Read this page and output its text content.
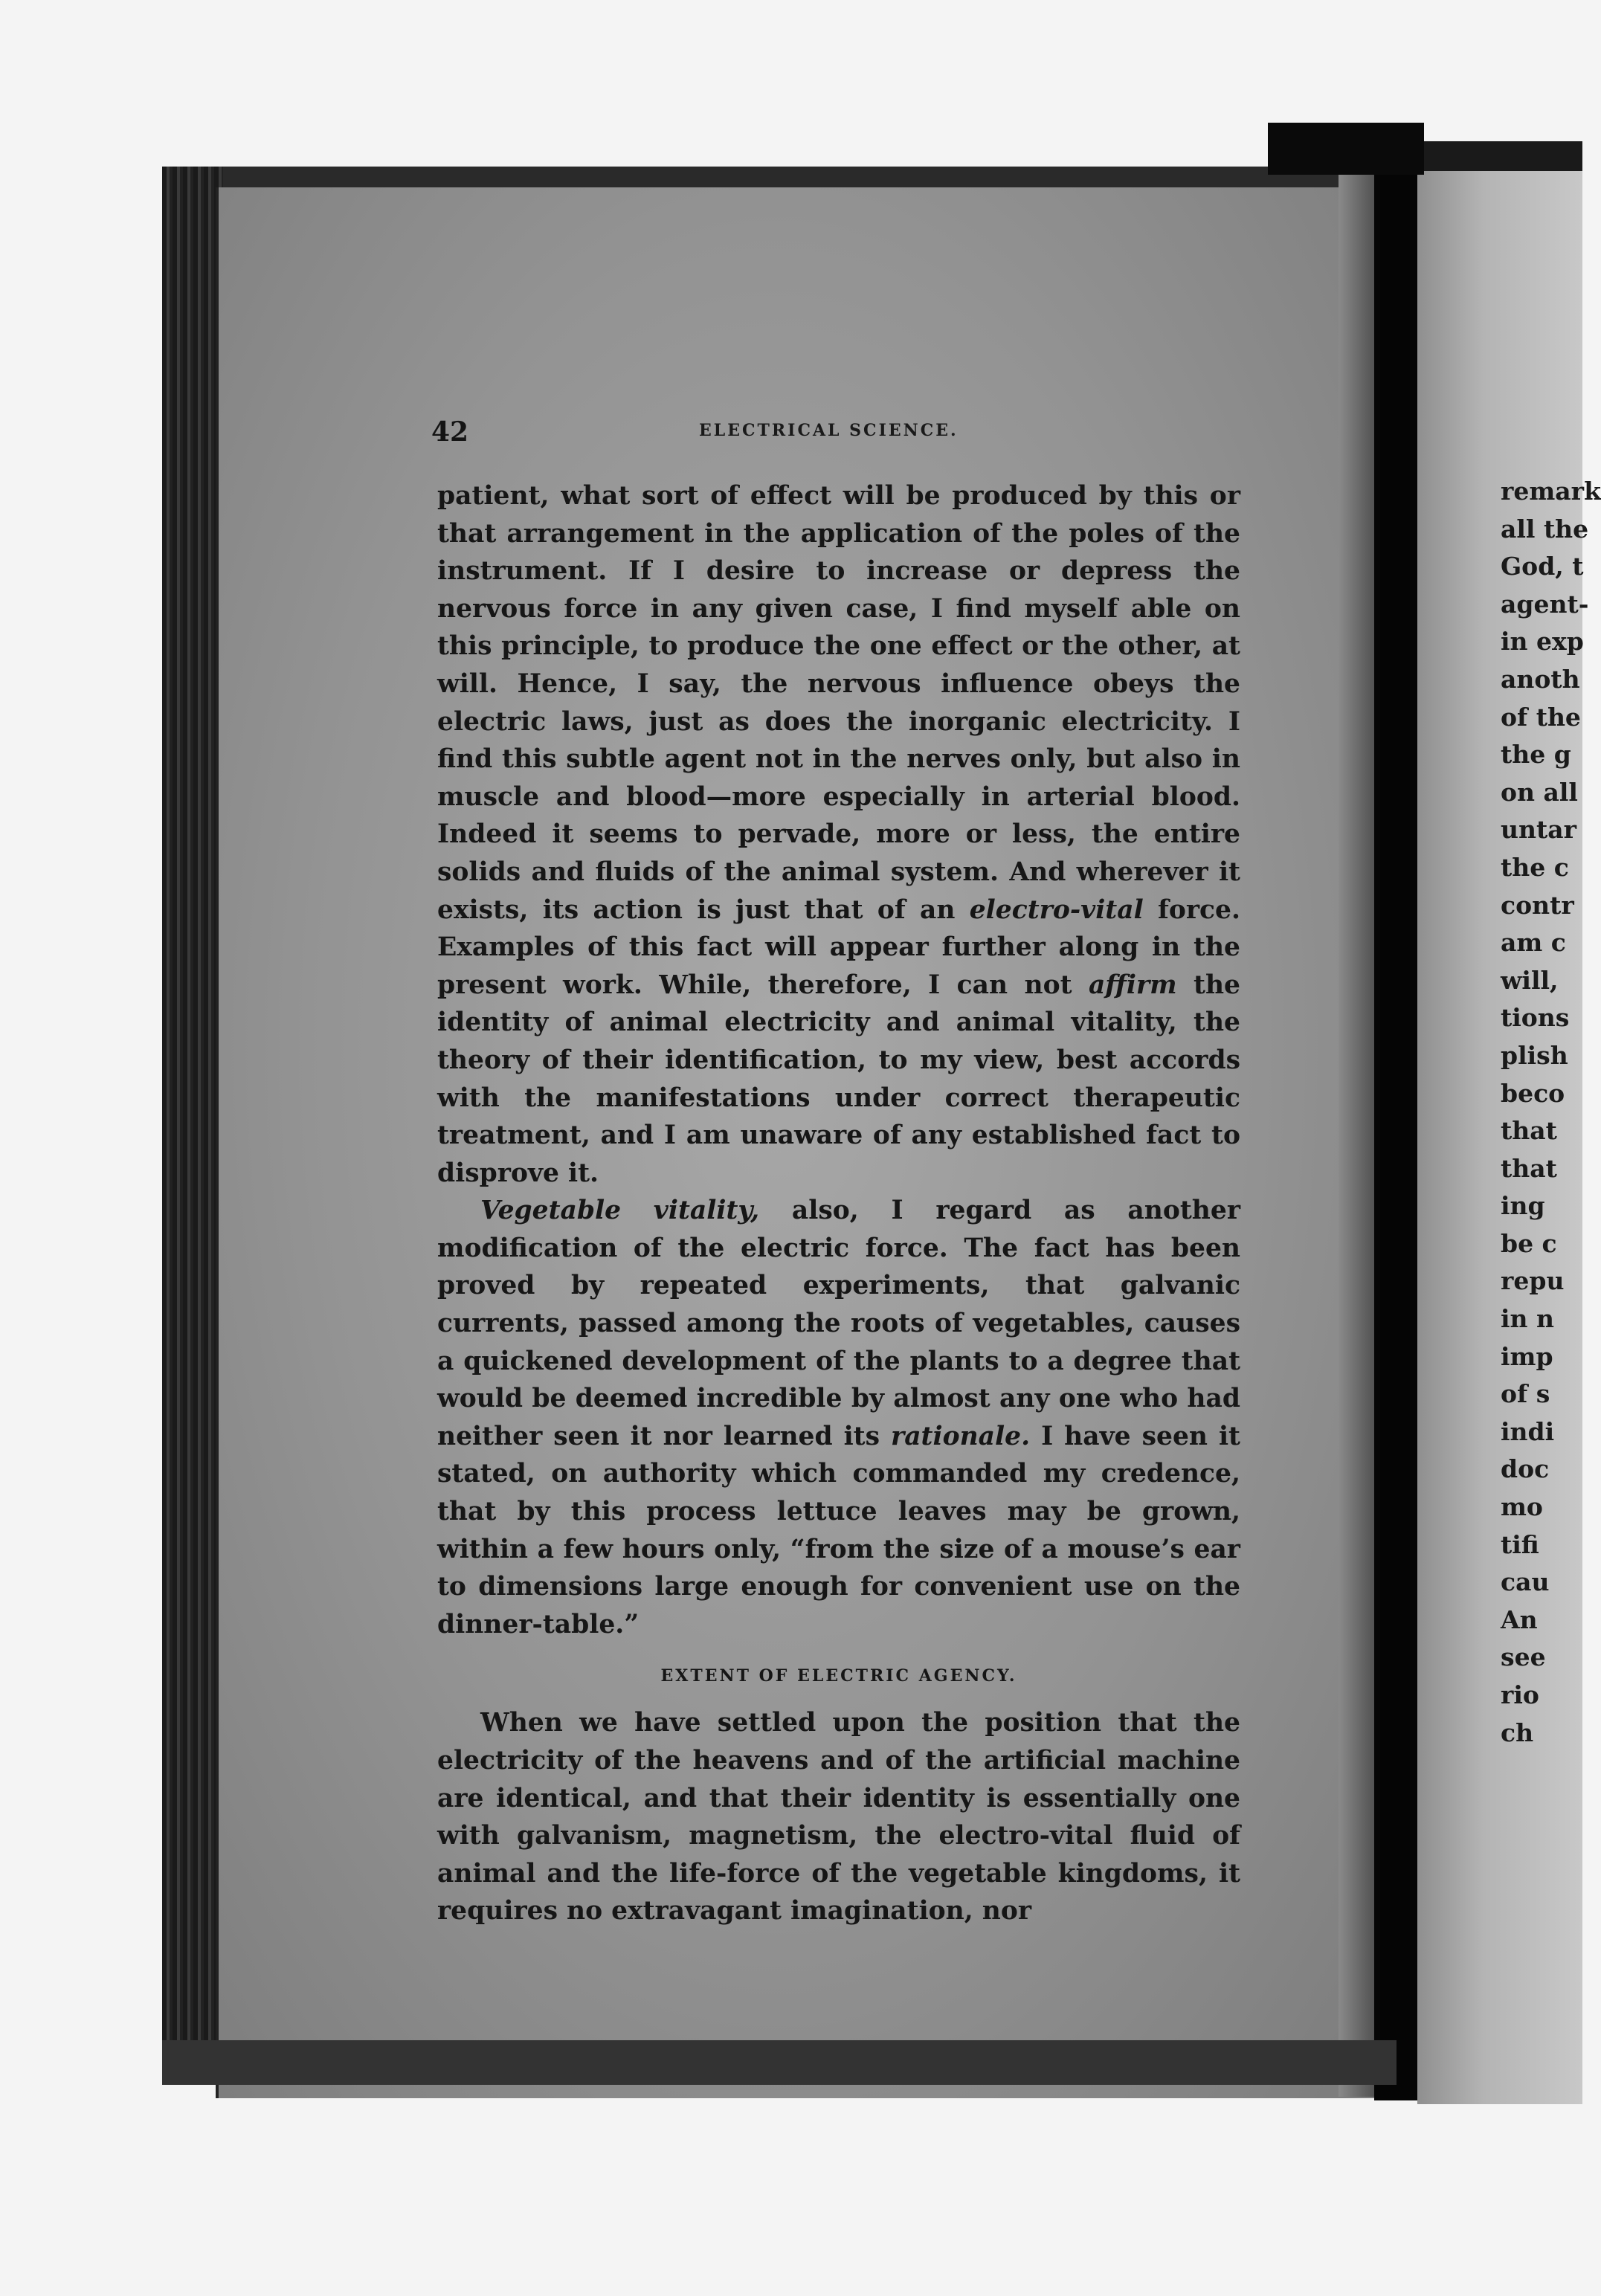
42	ELECTRICAL SCIENCE.

patient, what sort of effect will be produced by this or that arrangement in the application of the poles of the instrument. If I desire to increase or depress the nervous force in any given case, I find myself able on this principle, to produce the one effect or the other, at will. Hence, I say, the nervous influence obeys the electric laws, just as does the inorganic electricity. I find this subtle agent not in the nerves only, but also in muscle and blood—more especially in arterial blood. Indeed it seems to pervade, more or less, the entire solids and fluids of the animal system. And wherever it exists, its action is just that of an electro-vital force. Examples of this fact will appear further along in the present work. While, therefore, I can not affirm the identity of animal electricity and animal vitality, the theory of their identification, to my view, best accords with the manifestations under correct therapeutic treatment, and I am unaware of any established fact to disprove it.

Vegetable vitality, also, I regard as another modification of the electric force. The fact has been proved by repeated experiments, that galvanic currents, passed among the roots of vegetables, causes a quickened development of the plants to a degree that would be deemed incredible by almost any one who had neither seen it nor learned its rationale. I have seen it stated, on authority which commanded my credence, that by this process lettuce leaves may be grown, within a few hours only, “from the size of a mouse’s ear to dimensions large enough for convenient use on the dinner-table.”

EXTENT OF ELECTRIC AGENCY.

When we have settled upon the position that the electricity of the heavens and of the artificial machine are identical, and that their identity is essentially one with galvanism, magnetism, the electro-vital fluid of animal and the life-force of the vegetable kingdoms, it requires no extravagant imagination, nor

remark
all the
God, t
agent-
in exp
anoth
of the
the g
on all
untar
the c
contr
am c
will,
tions
plish
beco
that
that
ing
be c
repu
in n
imp
of s
indi
doc
mo
tifi
cau
An
see
rio
ch
